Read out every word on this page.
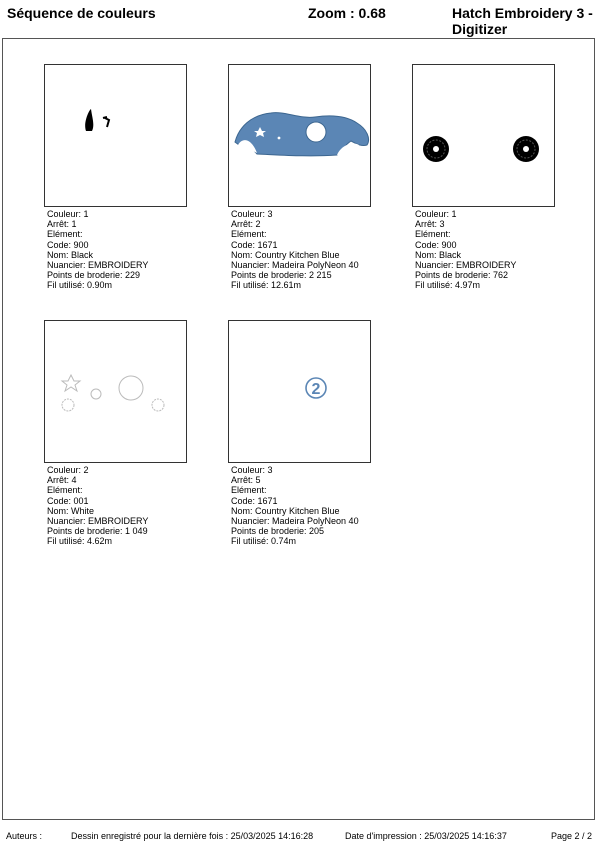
Séquence de couleurs	Zoom : 0.68	Hatch Embroidery 3 - Digitizer
Couleur: 1
Arrêt: 1
Elément:
Code: 900
Nom: Black
Nuancier: EMBROIDERY
Points de broderie: 229
Fil utilisé: 0.90m
Couleur: 3
Arrêt: 2
Elément:
Code: 1671
Nom: Country Kitchen Blue
Nuancier: Madeira PolyNeon 40
Points de broderie: 2 215
Fil utilisé: 12.61m
Couleur: 1
Arrêt: 3
Elément:
Code: 900
Nom: Black
Nuancier: EMBROIDERY
Points de broderie: 762
Fil utilisé: 4.97m
Couleur: 2
Arrêt: 4
Elément:
Code: 001
Nom: White
Nuancier: EMBROIDERY
Points de broderie: 1 049
Fil utilisé: 4.62m
2
Couleur: 3
Arrêt: 5
Elément:
Code: 1671
Nom: Country Kitchen Blue
Nuancier: Madeira PolyNeon 40
Points de broderie: 205
Fil utilisé: 0.74m
Auteurs :	Dessin enregistré pour la dernière fois : 25/03/2025 14:16:28	Date d'impression : 25/03/2025 14:16:37	Page 2 / 2
